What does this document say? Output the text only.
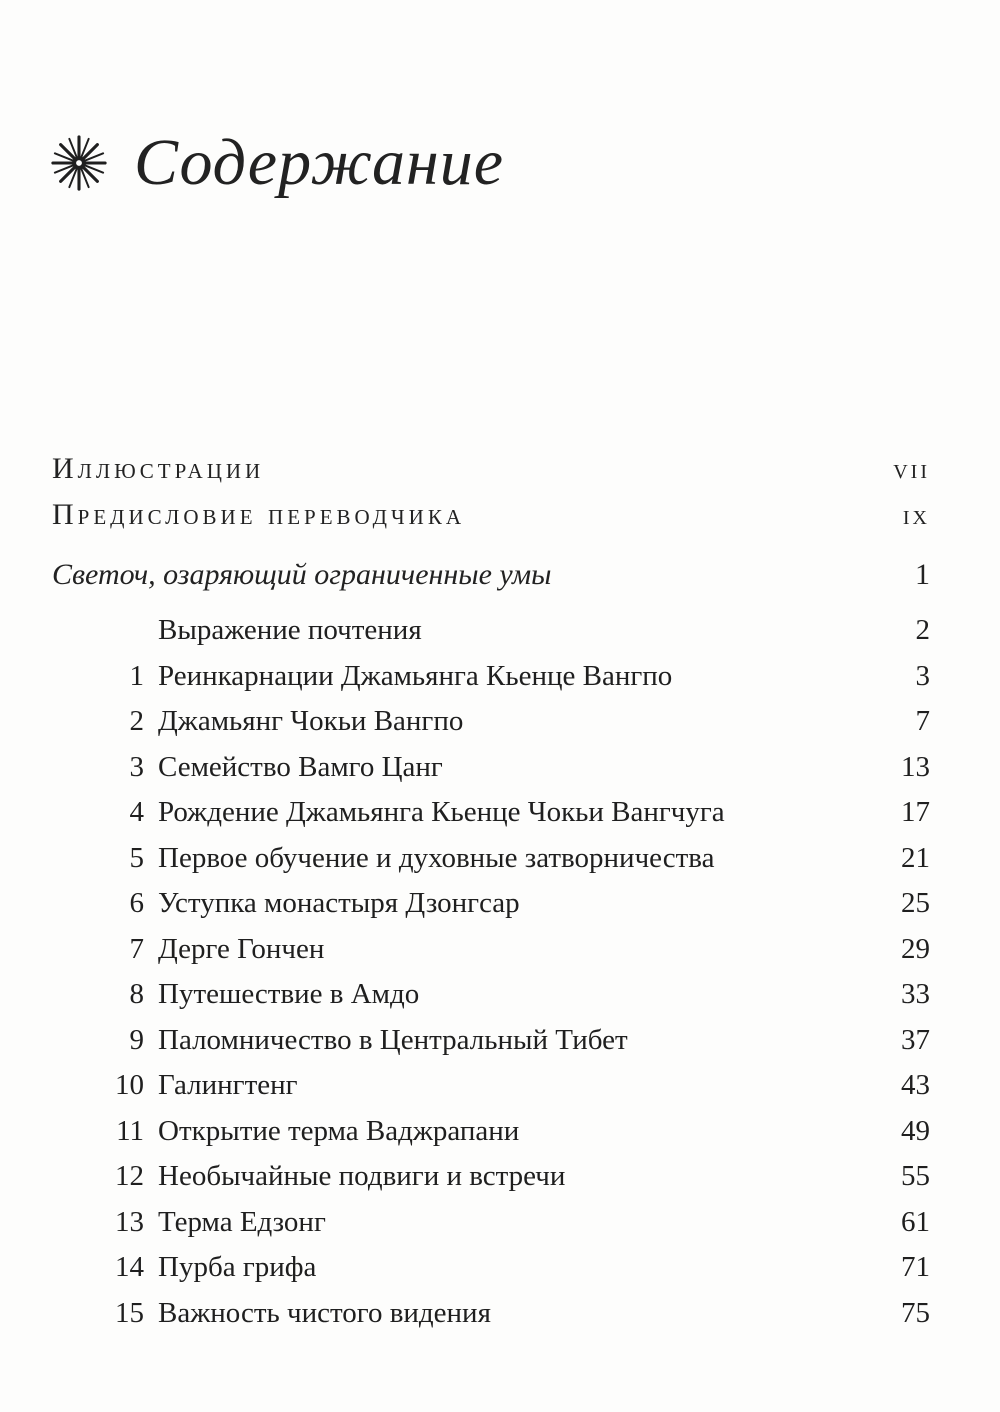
Содержание
Иллюстрации	vii
Предисловие переводчика	ix
Светоч, озаряющий ограниченные умы	1
Выражение почтения	2
1 Реинкарнации Джамьянга Кьенце Вангпо	3
2 Джамьянг Чокьи Вангпо	7
3 Семейство Вамго Цанг	13
4 Рождение Джамьянга Кьенце Чокьи Вангчуга	17
5 Первое обучение и духовные затворничества	21
6 Уступка монастыря Дзонгсар	25
7 Дерге Гончен	29
8 Путешествие в Амдо	33
9 Паломничество в Центральный Тибет	37
10 Галингтенг	43
11 Открытие терма Ваджрапани	49
12 Необычайные подвиги и встречи	55
13 Терма Едзонг	61
14 Пурба грифа	71
15 Важность чистого видения	75
